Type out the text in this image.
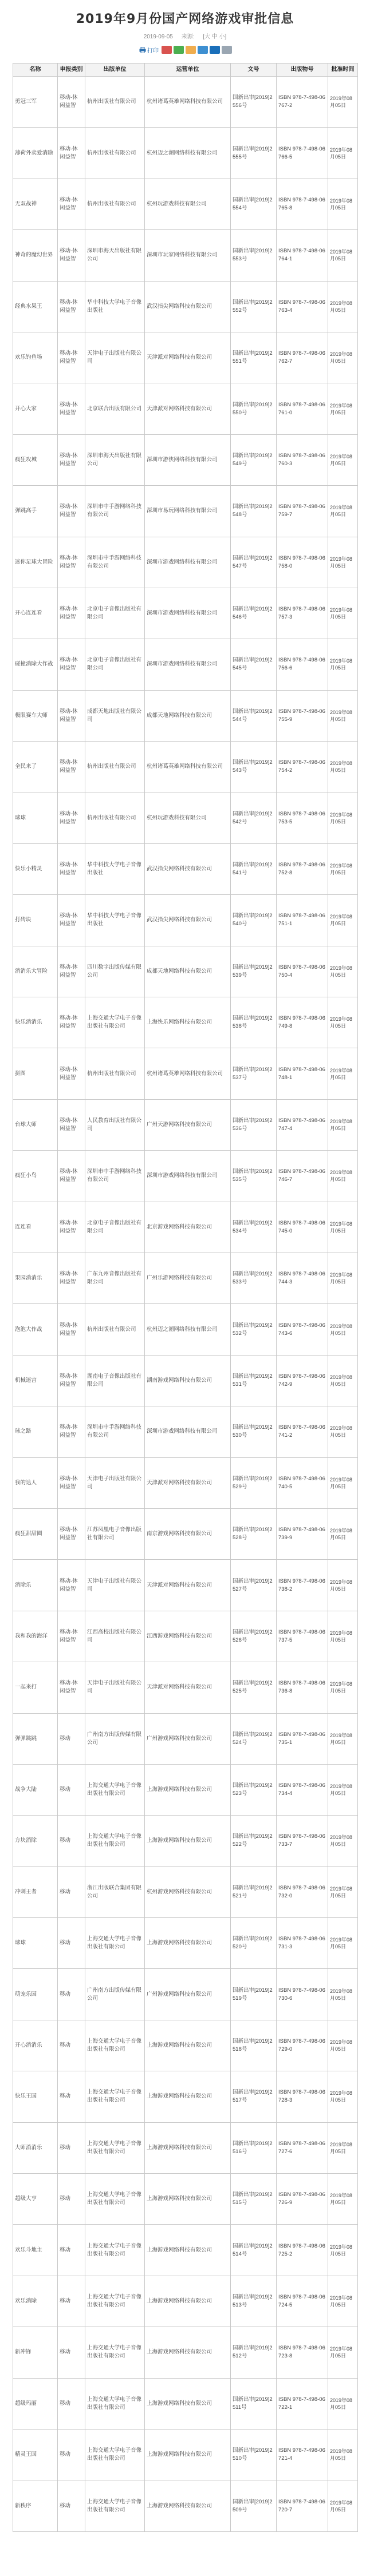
2019年9月份国产网络游戏审批信息
2019-09-05 来源: [大 中 小]
打印
名称	申报类别	出版单位	运营单位	文号	出版物号	批准时间
勇冠三军	移动-休闲益智	杭州出版社有限公司	杭州诸葛英雄网络科技有限公司	国新出审[2019]2556号	ISBN 978-7-498-06767-2	2019年08月05日
薄荷外卖爱消除	移动-休闲益智	杭州出版社有限公司	杭州迈之潮网络科技有限公司	国新出审[2019]2555号	ISBN 978-7-498-06766-5	2019年08月05日
无双战神	移动-休闲益智	杭州出版社有限公司	杭州玩游戏科技有限公司	国新出审[2019]2554号	ISBN 978-7-498-06765-8	2019年08月05日
神奇的魔幻世界	移动-休闲益智	深圳市海天出版社有限公司	深圳市玩家网络科技有限公司	国新出审[2019]2553号	ISBN 978-7-498-06764-1	2019年08月05日
经典水果王	移动-休闲益智	华中科技大学电子音像出版社	武汉指尖网络科技有限公司	国新出审[2019]2552号	ISBN 978-7-498-06763-4	2019年08月05日
欢乐钓鱼场	移动-休闲益智	天津电子出版社有限公司	天津派对网络科技有限公司	国新出审[2019]2551号	ISBN 978-7-498-06762-7	2019年08月05日
开心大家	移动-休闲益智	北京联合出版有限公司	天津派对网络科技有限公司	国新出审[2019]2550号	ISBN 978-7-498-06761-0	2019年08月05日
疯狂攻城	移动-休闲益智	深圳市海天出版社有限公司	深圳市游侠网络科技有限公司	国新出审[2019]2549号	ISBN 978-7-498-06760-3	2019年08月05日
弹跳高手	移动-休闲益智	深圳市中手游网络科技有限公司	深圳市易玩网络科技有限公司	国新出审[2019]2548号	ISBN 978-7-498-06759-7	2019年08月05日
迷你足球大冒险	移动-休闲益智	深圳市中手游网络科技有限公司	深圳市游戏网络科技有限公司	国新出审[2019]2547号	ISBN 978-7-498-06758-0	2019年08月05日
开心连连看	移动-休闲益智	北京电子音像出版社有限公司	深圳市游戏网络科技有限公司	国新出审[2019]2546号	ISBN 978-7-498-06757-3	2019年08月05日
碰撞消除大作战	移动-休闲益智	北京电子音像出版社有限公司	深圳市游戏网络科技有限公司	国新出审[2019]2545号	ISBN 978-7-498-06756-6	2019年08月05日
极限赛车大师	移动-休闲益智	成都天地出版社有限公司	成都天地网络科技有限公司	国新出审[2019]2544号	ISBN 978-7-498-06755-9	2019年08月05日
全民来了	移动-休闲益智	杭州出版社有限公司	杭州诸葛英雄网络科技有限公司	国新出审[2019]2543号	ISBN 978-7-498-06754-2	2019年08月05日
球球	移动-休闲益智	杭州出版社有限公司	杭州玩游戏科技有限公司	国新出审[2019]2542号	ISBN 978-7-498-06753-5	2019年08月05日
快乐小精灵	移动-休闲益智	华中科技大学电子音像出版社	武汉指尖网络科技有限公司	国新出审[2019]2541号	ISBN 978-7-498-06752-8	2019年08月05日
打砖块	移动-休闲益智	华中科技大学电子音像出版社	武汉指尖网络科技有限公司	国新出审[2019]2540号	ISBN 978-7-498-06751-1	2019年08月05日
消消乐大冒险	移动-休闲益智	四川数字出版传媒有限公司	成都天地网络科技有限公司	国新出审[2019]2539号	ISBN 978-7-498-06750-4	2019年08月05日
快乐消消乐	移动-休闲益智	上海交通大学电子音像出版社有限公司	上海快乐网络科技有限公司	国新出审[2019]2538号	ISBN 978-7-498-06749-8	2019年08月05日
拼图	移动-休闲益智	杭州出版社有限公司	杭州诸葛英雄网络科技有限公司	国新出审[2019]2537号	ISBN 978-7-498-06748-1	2019年08月05日
台球大师	移动-休闲益智	人民教育出版社有限公司	广州天游网络科技有限公司	国新出审[2019]2536号	ISBN 978-7-498-06747-4	2019年08月05日
疯狂小鸟	移动-休闲益智	深圳市中手游网络科技有限公司	深圳市游戏网络科技有限公司	国新出审[2019]2535号	ISBN 978-7-498-06746-7	2019年08月05日
连连看	移动-休闲益智	北京电子音像出版社有限公司	北京游戏网络科技有限公司	国新出审[2019]2534号	ISBN 978-7-498-06745-0	2019年08月05日
果园消消乐	移动-休闲益智	广东九州音像出版社有限公司	广州乐游网络科技有限公司	国新出审[2019]2533号	ISBN 978-7-498-06744-3	2019年08月05日
泡泡大作战	移动-休闲益智	杭州出版社有限公司	杭州迈之潮网络科技有限公司	国新出审[2019]2532号	ISBN 978-7-498-06743-6	2019年08月05日
机械迷宫	移动-休闲益智	湖南电子音像出版社有限公司	湖南游戏网络科技有限公司	国新出审[2019]2531号	ISBN 978-7-498-06742-9	2019年08月05日
球之路	移动-休闲益智	深圳市中手游网络科技有限公司	深圳市游戏网络科技有限公司	国新出审[2019]2530号	ISBN 978-7-498-06741-2	2019年08月05日
我的达人	移动-休闲益智	天津电子出版社有限公司	天津派对网络科技有限公司	国新出审[2019]2529号	ISBN 978-7-498-06740-5	2019年08月05日
疯狂甜甜圈	移动-休闲益智	江苏凤凰电子音像出版社有限公司	南京游戏网络科技有限公司	国新出审[2019]2528号	ISBN 978-7-498-06739-9	2019年08月05日
消除乐	移动-休闲益智	天津电子出版社有限公司	天津派对网络科技有限公司	国新出审[2019]2527号	ISBN 978-7-498-06738-2	2019年08月05日
我和我的海洋	移动-休闲益智	江西高校出版社有限公司	江西游戏网络科技有限公司	国新出审[2019]2526号	ISBN 978-7-498-06737-5	2019年08月05日
一起来打	移动-休闲益智	天津电子出版社有限公司	天津派对网络科技有限公司	国新出审[2019]2525号	ISBN 978-7-498-06736-8	2019年08月05日
弹弹跳跳	移动	广州南方出版传媒有限公司	广州游戏网络科技有限公司	国新出审[2019]2524号	ISBN 978-7-498-06735-1	2019年08月05日
战争大陆	移动	上海交通大学电子音像出版社有限公司	上海游戏网络科技有限公司	国新出审[2019]2523号	ISBN 978-7-498-06734-4	2019年08月05日
方块消除	移动	上海交通大学电子音像出版社有限公司	上海游戏网络科技有限公司	国新出审[2019]2522号	ISBN 978-7-498-06733-7	2019年08月05日
冲刺王者	移动	浙江出版联合集团有限公司	杭州游戏网络科技有限公司	国新出审[2019]2521号	ISBN 978-7-498-06732-0	2019年08月05日
球球	移动	上海交通大学电子音像出版社有限公司	上海游戏网络科技有限公司	国新出审[2019]2520号	ISBN 978-7-498-06731-3	2019年08月05日
萌宠乐园	移动	广州南方出版传媒有限公司	广州游戏网络科技有限公司	国新出审[2019]2519号	ISBN 978-7-498-06730-6	2019年08月05日
开心消消乐	移动	上海交通大学电子音像出版社有限公司	上海游戏网络科技有限公司	国新出审[2019]2518号	ISBN 978-7-498-06729-0	2019年08月05日
快乐王国	移动	上海交通大学电子音像出版社有限公司	上海游戏网络科技有限公司	国新出审[2019]2517号	ISBN 978-7-498-06728-3	2019年08月05日
大师消消乐	移动	上海交通大学电子音像出版社有限公司	上海游戏网络科技有限公司	国新出审[2019]2516号	ISBN 978-7-498-06727-6	2019年08月05日
超级大亨	移动	上海交通大学电子音像出版社有限公司	上海游戏网络科技有限公司	国新出审[2019]2515号	ISBN 978-7-498-06726-9	2019年08月05日
欢乐斗地主	移动	上海交通大学电子音像出版社有限公司	上海游戏网络科技有限公司	国新出审[2019]2514号	ISBN 978-7-498-06725-2	2019年08月05日
欢乐消除	移动	上海交通大学电子音像出版社有限公司	上海游戏网络科技有限公司	国新出审[2019]2513号	ISBN 978-7-498-06724-5	2019年08月05日
新冲锋	移动	上海交通大学电子音像出版社有限公司	上海游戏网络科技有限公司	国新出审[2019]2512号	ISBN 978-7-498-06723-8	2019年08月05日
超级玛丽	移动	上海交通大学电子音像出版社有限公司	上海游戏网络科技有限公司	国新出审[2019]2511号	ISBN 978-7-498-06722-1	2019年08月05日
精灵王国	移动	上海交通大学电子音像出版社有限公司	上海游戏网络科技有限公司	国新出审[2019]2510号	ISBN 978-7-498-06721-4	2019年08月05日
新秩序	移动	上海交通大学电子音像出版社有限公司	上海游戏网络科技有限公司	国新出审[2019]2509号	ISBN 978-7-498-06720-7	2019年08月05日
